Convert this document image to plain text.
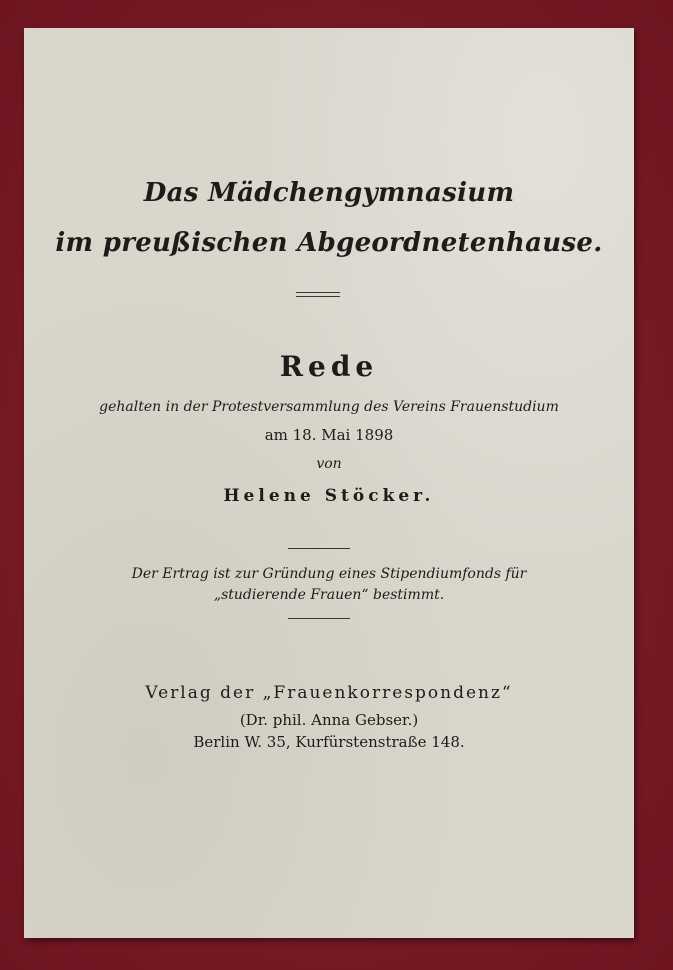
Das Mädchengymnasium
im preußischen Abgeordnetenhause.
Rede
gehalten in der Protestversammlung des Vereins Frauenstudium
am 18. Mai 1898
von
Helene Stöcker.
Der Ertrag ist zur Gründung eines Stipendiumfonds für
„studierende Frauen“ bestimmt.
Verlag der „Frauenkorrespondenz“
(Dr. phil. Anna Gebser.)
Berlin W. 35, Kurfürstenstraße 148.
